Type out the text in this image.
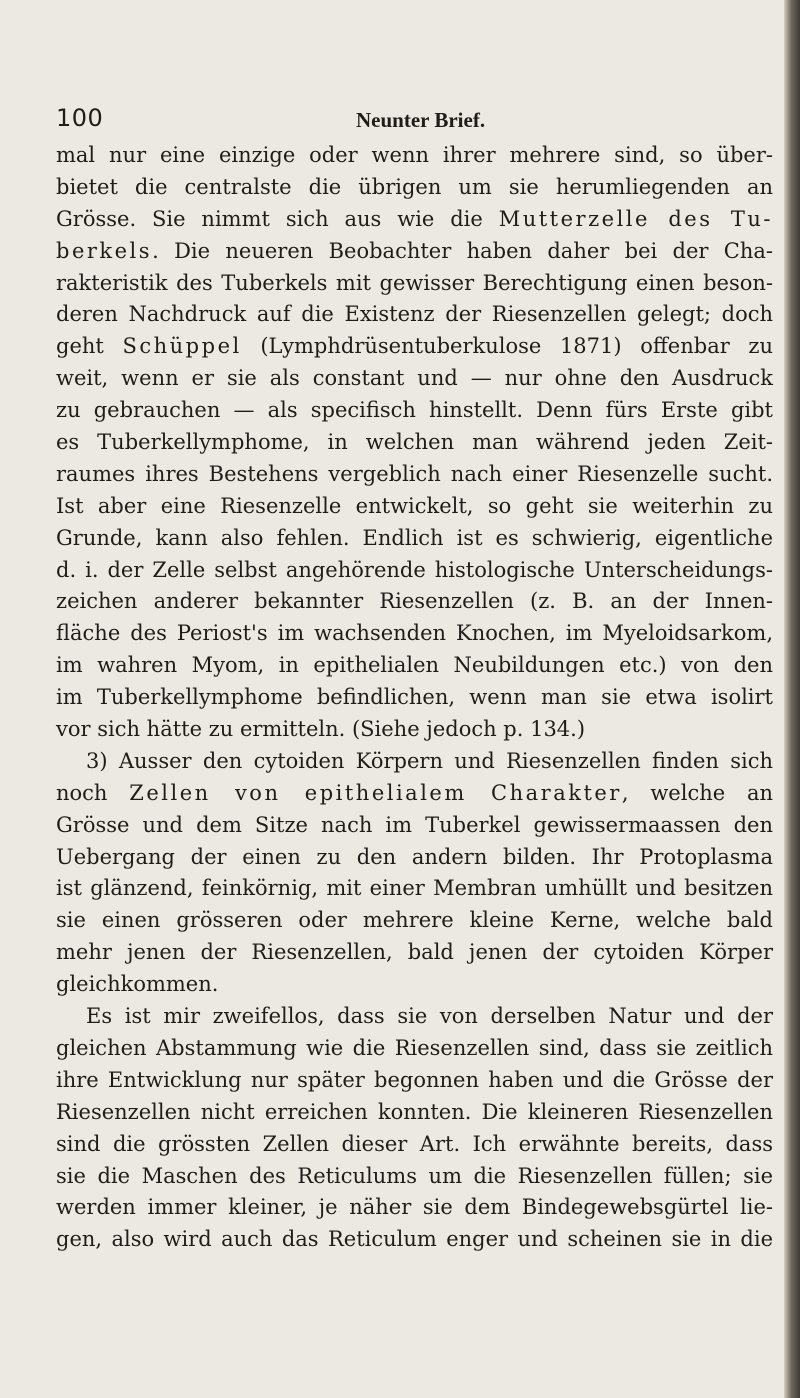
100	Neunter Brief.
mal nur eine einzige oder wenn ihrer mehrere sind, so über-
bietet die centralste die übrigen um sie herumliegenden an
Grösse. Sie nimmt sich aus wie die Mutterzelle des Tu-
berkels. Die neueren Beobachter haben daher bei der Cha-
rakteristik des Tuberkels mit gewisser Berechtigung einen beson-
deren Nachdruck auf die Existenz der Riesenzellen gelegt; doch
geht Schüppel (Lymphdrüsentuberkulose 1871) offenbar zu
weit, wenn er sie als constant und — nur ohne den Ausdruck
zu gebrauchen — als specifisch hinstellt. Denn fürs Erste gibt
es Tuberkellymphome, in welchen man während jeden Zeit-
raumes ihres Bestehens vergeblich nach einer Riesenzelle sucht.
Ist aber eine Riesenzelle entwickelt, so geht sie weiterhin zu
Grunde, kann also fehlen. Endlich ist es schwierig, eigentliche
d. i. der Zelle selbst angehörende histologische Unterscheidungs-
zeichen anderer bekannter Riesenzellen (z. B. an der Innen-
fläche des Periost's im wachsenden Knochen, im Myeloidsarkom,
im wahren Myom, in epithelialen Neubildungen etc.) von den
im Tuberkellymphome befindlichen, wenn man sie etwa isolirt
vor sich hätte zu ermitteln. (Siehe jedoch p. 134.)
3) Ausser den cytoiden Körpern und Riesenzellen finden sich
noch Zellen von epithelialem Charakter, welche an
Grösse und dem Sitze nach im Tuberkel gewissermaassen den
Uebergang der einen zu den andern bilden. Ihr Protoplasma
ist glänzend, feinkörnig, mit einer Membran umhüllt und besitzen
sie einen grösseren oder mehrere kleine Kerne, welche bald
mehr jenen der Riesenzellen, bald jenen der cytoiden Körper
gleichkommen.
Es ist mir zweifellos, dass sie von derselben Natur und der
gleichen Abstammung wie die Riesenzellen sind, dass sie zeitlich
ihre Entwicklung nur später begonnen haben und die Grösse der
Riesenzellen nicht erreichen konnten. Die kleineren Riesenzellen
sind die grössten Zellen dieser Art. Ich erwähnte bereits, dass
sie die Maschen des Reticulums um die Riesenzellen füllen; sie
werden immer kleiner, je näher sie dem Bindegewebsgürtel lie-
gen, also wird auch das Reticulum enger und scheinen sie in die
